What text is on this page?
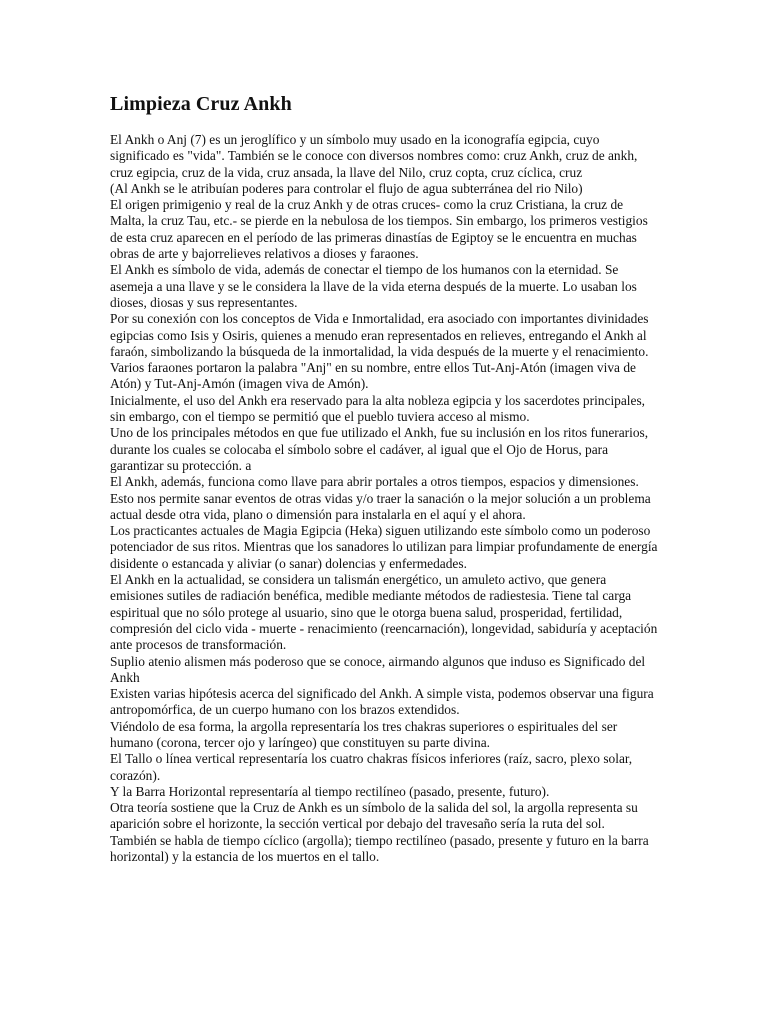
Limpieza Cruz Ankh

El Ankh o Anj (7) es un jeroglífico y un símbolo muy usado en la iconografía egipcia, cuyo significado es "vida". También se le conoce con diversos nombres como: cruz Ankh, cruz de ankh, cruz egipcia, cruz de la vida, cruz ansada, la llave del Nilo, cruz copta, cruz cíclica, cruz

(Al Ankh se le atribuían poderes para controlar el flujo de agua subterránea del rio Nilo)

El origen primigenio y real de la cruz Ankh y de otras cruces- como la cruz Cristiana, la cruz de Malta, la cruz Tau, etc.- se pierde en la nebulosa de los tiempos. Sin embargo, los primeros vestigios de esta cruz aparecen en el período de las primeras dinastías de Egiptoy se le encuentra en muchas obras de arte y bajorrelieves relativos a dioses y faraones.

El Ankh es símbolo de vida, además de conectar el tiempo de los humanos con la eternidad. Se asemeja a una llave y se le considera la llave de la vida eterna después de la muerte. Lo usaban los dioses, diosas y sus representantes.

Por su conexión con los conceptos de Vida e Inmortalidad, era asociado con importantes divinidades egipcias como Isis y Osiris, quienes a menudo eran representados en relieves, entregando el Ankh al faraón, simbolizando la búsqueda de la inmortalidad, la vida después de la muerte y el renacimiento.

Varios faraones portaron la palabra "Anj" en su nombre, entre ellos Tut-Anj-Atón (imagen viva de Atón) y Tut-Anj-Amón (imagen viva de Amón).

Inicialmente, el uso del Ankh era reservado para la alta nobleza egipcia y los sacerdotes principales, sin embargo, con el tiempo se permitió que el pueblo tuviera acceso al mismo.

Uno de los principales métodos en que fue utilizado el Ankh, fue su inclusión en los ritos funerarios, durante los cuales se colocaba el símbolo sobre el cadáver, al igual que el Ojo de Horus, para garantizar su protección. a

El Ankh, además, funciona como llave para abrir portales a otros tiempos, espacios y dimensiones. Esto nos permite sanar eventos de otras vidas y/o traer la sanación o la mejor solución a un problema actual desde otra vida, plano o dimensión para instalarla en el aquí y el ahora.

Los practicantes actuales de Magia Egipcia (Heka) siguen utilizando este símbolo como un poderoso potenciador de sus ritos. Mientras que los sanadores lo utilizan para limpiar profundamente de energía disidente o estancada y aliviar (o sanar) dolencias y enfermedades.

El Ankh en la actualidad, se considera un talismán energético, un amuleto activo, que genera emisiones sutiles de radiación benéfica, medible mediante métodos de radiestesia. Tiene tal carga espiritual que no sólo protege al usuario, sino que le otorga buena salud, prosperidad, fertilidad, compresión del ciclo vida - muerte - renacimiento (reencarnación), longevidad, sabiduría y aceptación ante procesos de transformación.

Suplio atenio alismen más poderoso que se conoce, airmando algunos que induso es Significado del Ankh

Existen varias hipótesis acerca del significado del Ankh. A simple vista, podemos observar una figura antropomórfica, de un cuerpo humano con los brazos extendidos.

Viéndolo de esa forma, la argolla representaría los tres chakras superiores o espirituales del ser humano (corona, tercer ojo y laríngeo) que constituyen su parte divina.

El Tallo o línea vertical representaría los cuatro chakras físicos inferiores (raíz, sacro, plexo solar, corazón).

Y la Barra Horizontal representaría al tiempo rectilíneo (pasado, presente, futuro).

Otra teoría sostiene que la Cruz de Ankh es un símbolo de la salida del sol, la argolla representa su aparición sobre el horizonte, la sección vertical por debajo del travesaño sería la ruta del sol.

También se habla de tiempo cíclico (argolla); tiempo rectilíneo (pasado, presente y futuro en la barra horizontal) y la estancia de los muertos en el tallo.
